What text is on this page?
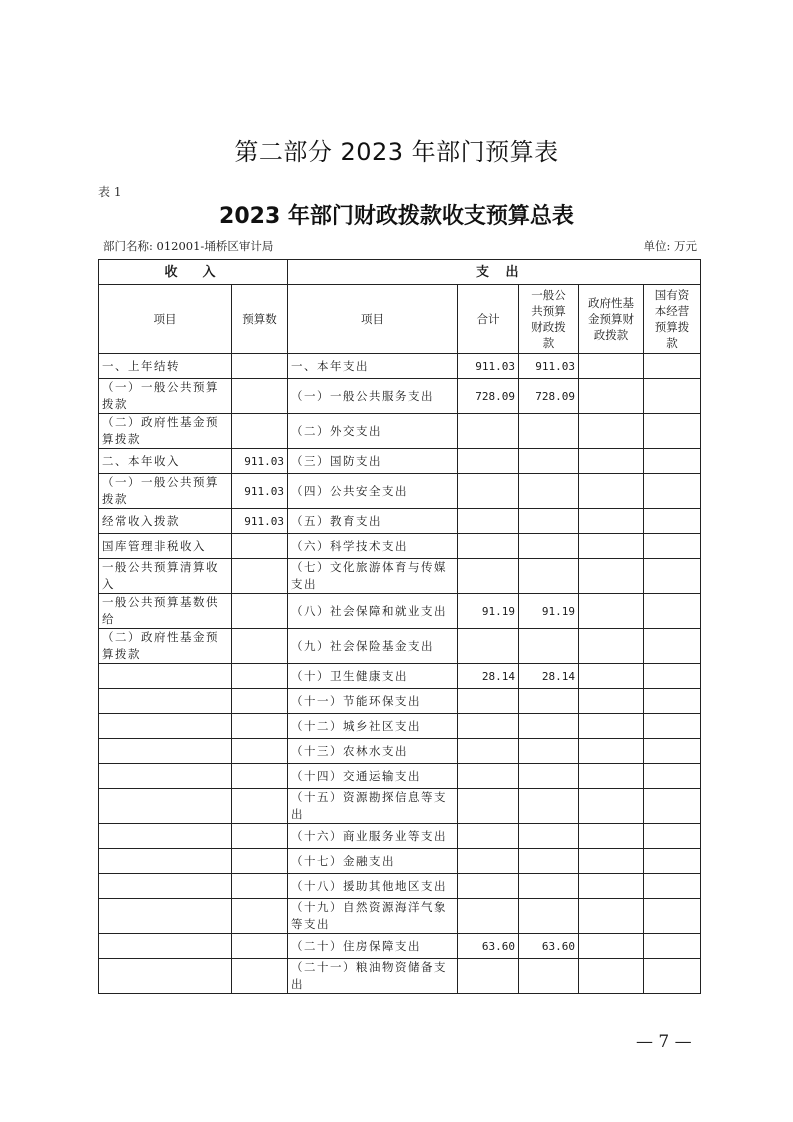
第二部分 2023 年部门预算表
表 1
2023 年部门财政拨款收支预算总表
部门名称: 012001-埇桥区审计局	单位: 万元
收　入		支 出				
项目	预算数	项目	合计	一般公共预算财政拨款	政府性基金预算财政拨款	国有资本经营预算拨款
一、上年结转		一、本年支出	911.03	911.03		
（一）一般公共预算拨款		（一）一般公共服务支出	728.09	728.09		
（二）政府性基金预算拨款		（二）外交支出				
二、本年收入	911.03	（三）国防支出				
（一）一般公共预算拨款	911.03	（四）公共安全支出				
经常收入拨款	911.03	（五）教育支出				
国库管理非税收入		（六）科学技术支出				
一般公共预算清算收入		（七）文化旅游体育与传媒支出				
一般公共预算基数供给		（八）社会保障和就业支出	91.19	91.19		
（二）政府性基金预算拨款		（九）社会保险基金支出				
		（十）卫生健康支出	28.14	28.14		
		（十一）节能环保支出				
		（十二）城乡社区支出				
		（十三）农林水支出				
		（十四）交通运输支出				
		（十五）资源勘探信息等支出				
		（十六）商业服务业等支出				
		（十七）金融支出				
		（十八）援助其他地区支出				
		（十九）自然资源海洋气象等支出				
		（二十）住房保障支出	63.60	63.60		
		（二十一）粮油物资储备支出				
— 7 —
